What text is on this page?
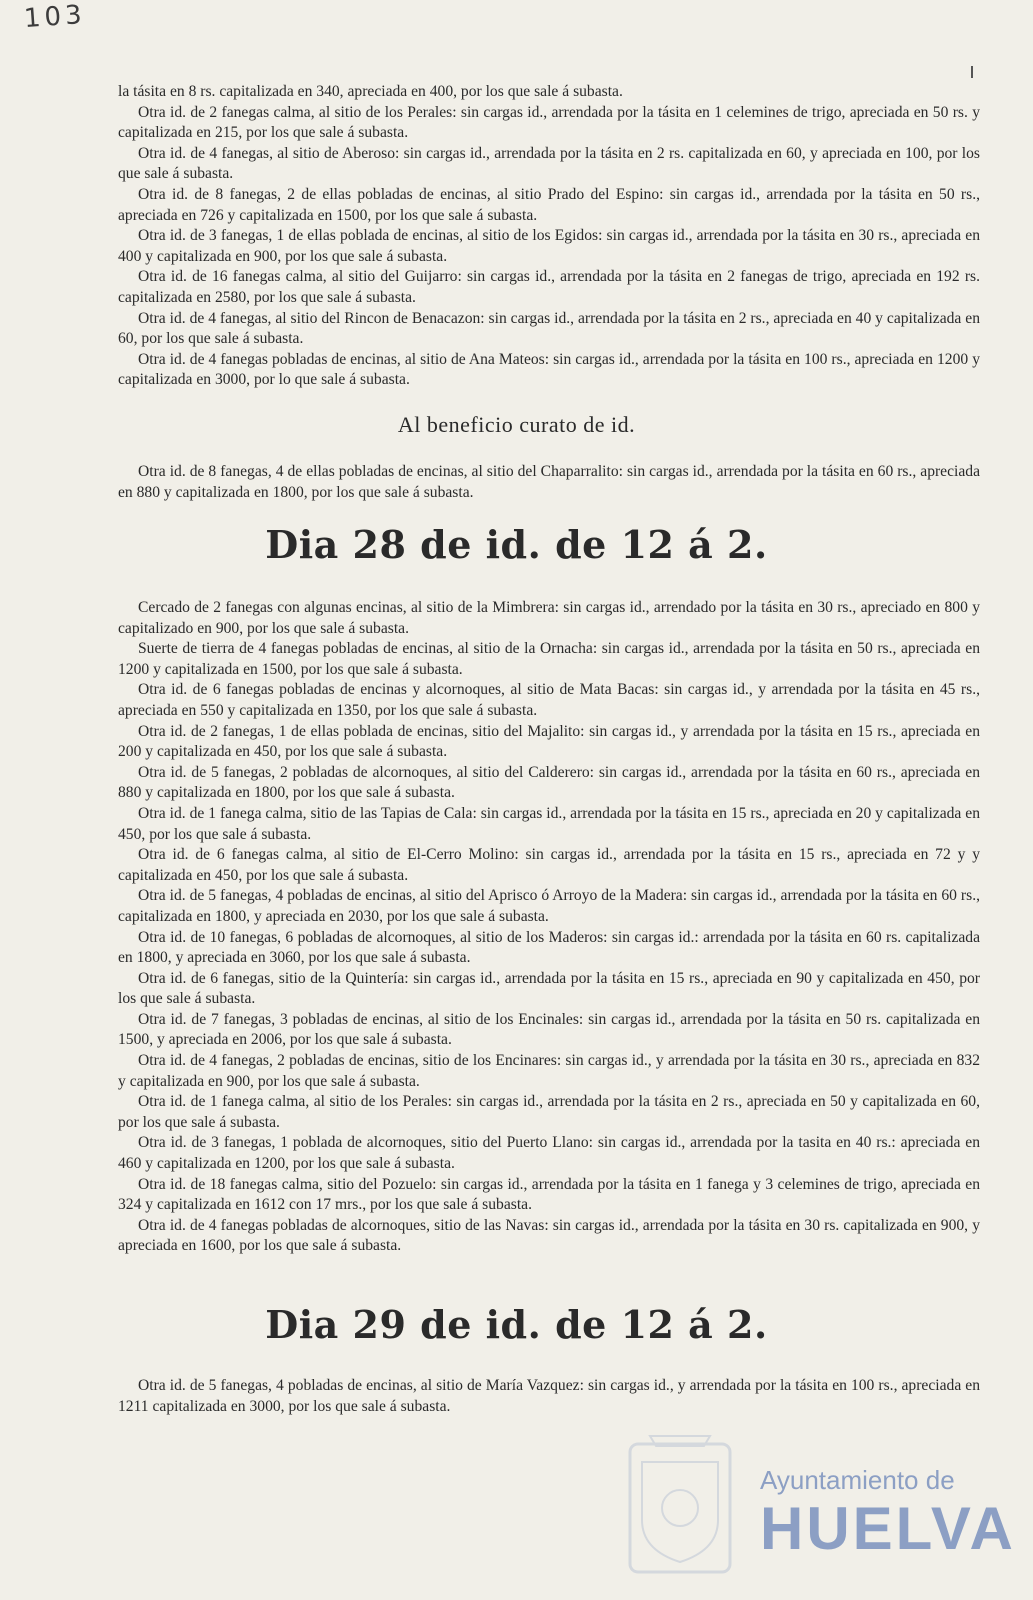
103

la tásita en 8 rs. capitalizada en 340, apreciada en 400, por los que sale á subasta.

Otra id. de 2 fanegas calma, al sitio de los Perales: sin cargas id., arrendada por la tásita en 1 celemines de trigo, apreciada en 50 rs. y capitalizada en 215, por los que sale á subasta.

Otra id. de 4 fanegas, al sitio de Aberoso: sin cargas id., arrendada por la tásita en 2 rs. capitalizada en 60, y apreciada en 100, por los que sale á subasta.

Otra id. de 8 fanegas, 2 de ellas pobladas de encinas, al sitio Prado del Espino: sin cargas id., arrendada por la tásita en 50 rs., apreciada en 726 y capitalizada en 1500, por los que sale á subasta.

Otra id. de 3 fanegas, 1 de ellas poblada de encinas, al sitio de los Egidos: sin cargas id., arrendada por la tásita en 30 rs., apreciada en 400 y capitalizada en 900, por los que sale á subasta.

Otra id. de 16 fanegas calma, al sitio del Guijarro: sin cargas id., arrendada por la tásita en 2 fanegas de trigo, apreciada en 192 rs. capitalizada en 2580, por los que sale á subasta.

Otra id. de 4 fanegas, al sitio del Rincon de Benacazon: sin cargas id., arrendada por la tásita en 2 rs., apreciada en 40 y capitalizada en 60, por los que sale á subasta.

Otra id. de 4 fanegas pobladas de encinas, al sitio de Ana Mateos: sin cargas id., arrendada por la tásita en 100 rs., apreciada en 1200 y capitalizada en 3000, por lo que sale á subasta.

Al beneficio curato de id.

Otra id. de 8 fanegas, 4 de ellas pobladas de encinas, al sitio del Chaparralito: sin cargas id., arrendada por la tásita en 60 rs., apreciada en 880 y capitalizada en 1800, por los que sale á subasta.

Dia 28 de id. de 12 á 2.

Cercado de 2 fanegas con algunas encinas, al sitio de la Mimbrera: sin cargas id., arrendado por la tásita en 30 rs., apreciado en 800 y capitalizado en 900, por los que sale á subasta.

Suerte de tierra de 4 fanegas pobladas de encinas, al sitio de la Ornacha: sin cargas id., arrendada por la tásita en 50 rs., apreciada en 1200 y capitalizada en 1500, por los que sale á subasta.

Otra id. de 6 fanegas pobladas de encinas y alcornoques, al sitio de Mata Bacas: sin cargas id., y arrendada por la tásita en 45 rs., apreciada en 550 y capitalizada en 1350, por los que sale á subasta.

Otra id. de 2 fanegas, 1 de ellas poblada de encinas, sitio del Majalito: sin cargas id., y arrendada por la tásita en 15 rs., apreciada en 200 y capitalizada en 450, por los que sale á subasta.

Otra id. de 5 fanegas, 2 pobladas de alcornoques, al sitio del Calderero: sin cargas id., arrendada por la tásita en 60 rs., apreciada en 880 y capitalizada en 1800, por los que sale á subasta.

Otra id. de 1 fanega calma, sitio de las Tapias de Cala: sin cargas id., arrendada por la tásita en 15 rs., apreciada en 20 y capitalizada en 450, por los que sale á subasta.

Otra id. de 6 fanegas calma, al sitio de El-Cerro Molino: sin cargas id., arrendada por la tásita en 15 rs., apreciada en 72 y y capitalizada en 450, por los que sale á subasta.

Otra id. de 5 fanegas, 4 pobladas de encinas, al sitio del Aprisco ó Arroyo de la Madera: sin cargas id., arrendada por la tásita en 60 rs., capitalizada en 1800, y apreciada en 2030, por los que sale á subasta.

Otra id. de 10 fanegas, 6 pobladas de alcornoques, al sitio de los Maderos: sin cargas id.: arrendada por la tásita en 60 rs. capitalizada en 1800, y apreciada en 3060, por los que sale á subasta.

Otra id. de 6 fanegas, sitio de la Quintería: sin cargas id., arrendada por la tásita en 15 rs., apreciada en 90 y capitalizada en 450, por los que sale á subasta.

Otra id. de 7 fanegas, 3 pobladas de encinas, al sitio de los Encinales: sin cargas id., arrendada por la tásita en 50 rs. capitalizada en 1500, y apreciada en 2006, por los que sale á subasta.

Otra id. de 4 fanegas, 2 pobladas de encinas, sitio de los Encinares: sin cargas id., y arrendada por la tásita en 30 rs., apreciada en 832 y capitalizada en 900, por los que sale á subasta.

Otra id. de 1 fanega calma, al sitio de los Perales: sin cargas id., arrendada por la tásita en 2 rs., apreciada en 50 y capitalizada en 60, por los que sale á subasta.

Otra id. de 3 fanegas, 1 poblada de alcornoques, sitio del Puerto Llano: sin cargas id., arrendada por la tasita en 40 rs.: apreciada en 460 y capitalizada en 1200, por los que sale á subasta.

Otra id. de 18 fanegas calma, sitio del Pozuelo: sin cargas id., arrendada por la tásita en 1 fanega y 3 celemines de trigo, apreciada en 324 y capitalizada en 1612 con 17 mrs., por los que sale á subasta.

Otra id. de 4 fanegas pobladas de alcornoques, sitio de las Navas: sin cargas id., arrendada por la tásita en 30 rs. capitalizada en 900, y apreciada en 1600, por los que sale á subasta.

Dia 29 de id. de 12 á 2.

Otra id. de 5 fanegas, 4 pobladas de encinas, al sitio de María Vazquez: sin cargas id., y arrendada por la tásita en 100 rs., apreciada en 1211 capitalizada en 3000, por los que sale á subasta.

Ayuntamiento de
HUELVA
